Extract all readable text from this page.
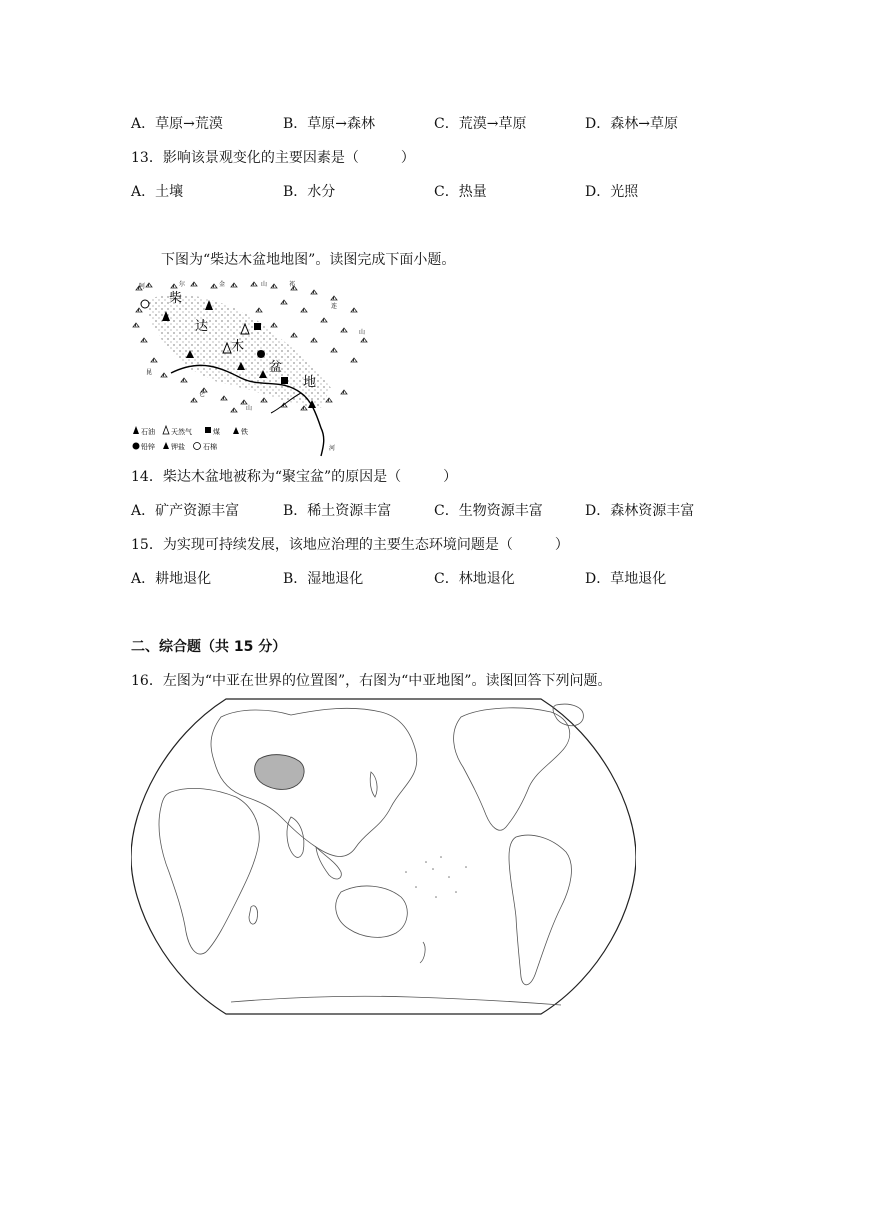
A．草原→荒漠	B．草原→森林	C．荒漠→草原	D．森林→草原
13．影响该景观变化的主要因素是（　　　）
A．土壤	B．水分	C．热量	D．光照
下图为“柴达木盆地地图”。读图完成下面小题。
柴
达
木
盆
地
阿	尔	金	山	祁
连
山
昆
仑
山
河
石油 天然气	煤	铁
铅锌 钾盐	石棉
14．柴达木盆地被称为“聚宝盆”的原因是（　　　）
A．矿产资源丰富	B．稀土资源丰富	C．生物资源丰富	D．森林资源丰富
15．为实现可持续发展，该地应治理的主要生态环境问题是（　　　）
A．耕地退化	B．湿地退化	C．林地退化	D．草地退化
二、综合题（共 15 分）
16．左图为“中亚在世界的位置图”，右图为“中亚地图”。读图回答下列问题。
